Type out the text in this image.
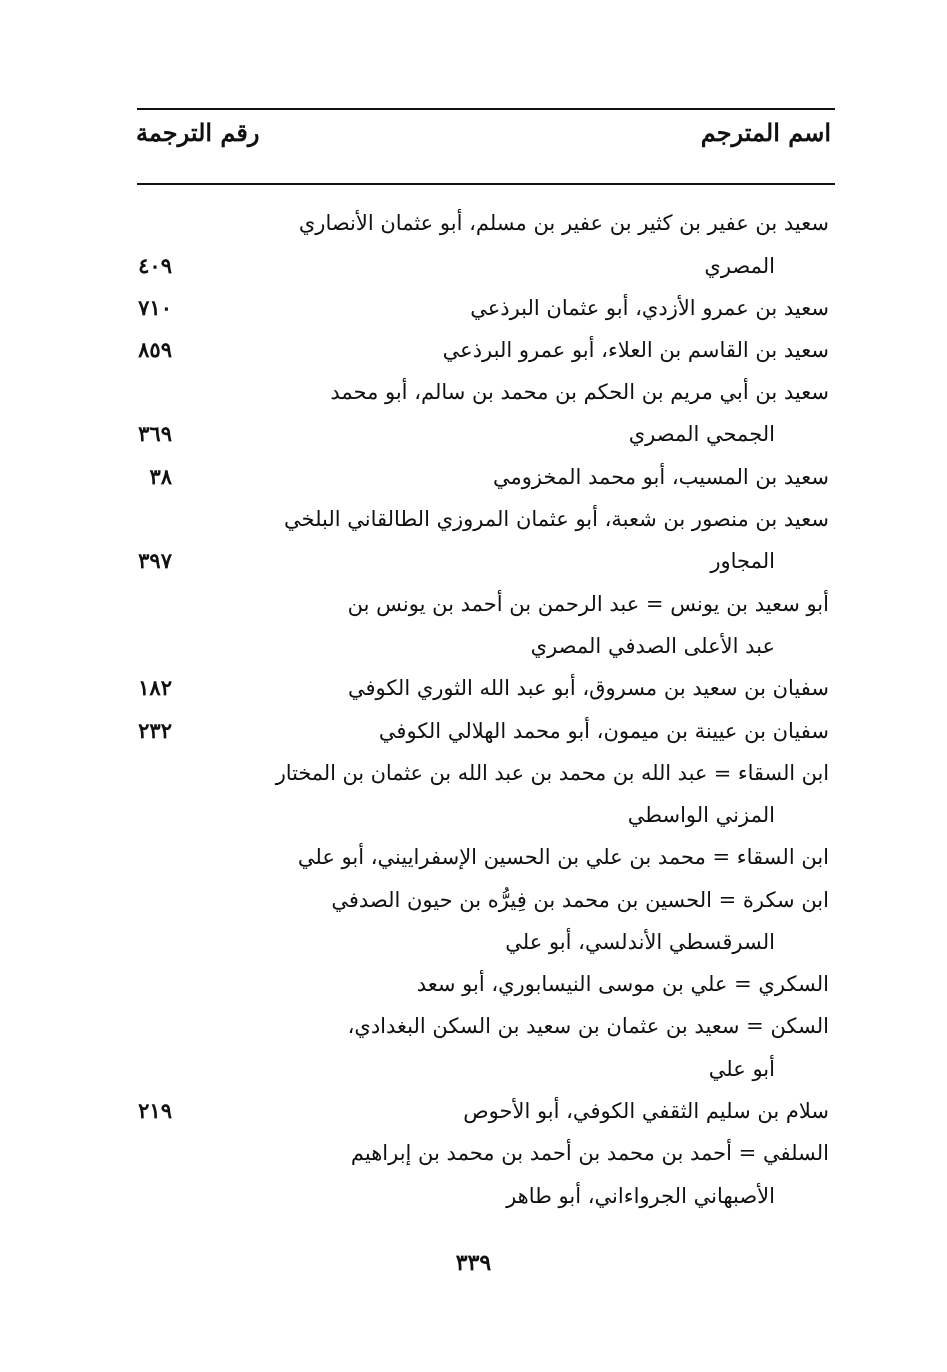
اسم المترجم
رقم الترجمة
سعيد بن عفير بن كثير بن عفير بن مسلم، أبو عثمان الأنصاري
المصري
٤٠٩
سعيد بن عمرو الأزدي، أبو عثمان البرذعي
٧١٠
سعيد بن القاسم بن العلاء، أبو عمرو البرذعي
٨٥٩
سعيد بن أبي مريم بن الحكم بن محمد بن سالم، أبو محمد
الجمحي المصري
٣٦٩
سعيد بن المسيب، أبو محمد المخزومي
٣٨
سعيد بن منصور بن شعبة، أبو عثمان المروزي الطالقاني البلخي
المجاور
٣٩٧
أبو سعيد بن يونس = عبد الرحمن بن أحمد بن يونس بن
عبد الأعلى الصدفي المصري
سفيان بن سعيد بن مسروق، أبو عبد الله الثوري الكوفي
١٨٢
سفيان بن عيينة بن ميمون، أبو محمد الهلالي الكوفي
٢٣٢
ابن السقاء = عبد الله بن محمد بن عبد الله بن عثمان بن المختار
المزني الواسطي
ابن السقاء = محمد بن علي بن الحسين الإسفراييني، أبو علي
ابن سكرة = الحسين بن محمد بن فِيرُّه بن حيون الصدفي
السرقسطي الأندلسي، أبو علي
السكري = علي بن موسى النيسابوري، أبو سعد
السكن = سعيد بن عثمان بن سعيد بن السكن البغدادي،
أبو علي
سلام بن سليم الثقفي الكوفي، أبو الأحوص
٢١٩
السلفي = أحمد بن محمد بن أحمد بن محمد بن إبراهيم
الأصبهاني الجرواءاني، أبو طاهر
٣٣٩
